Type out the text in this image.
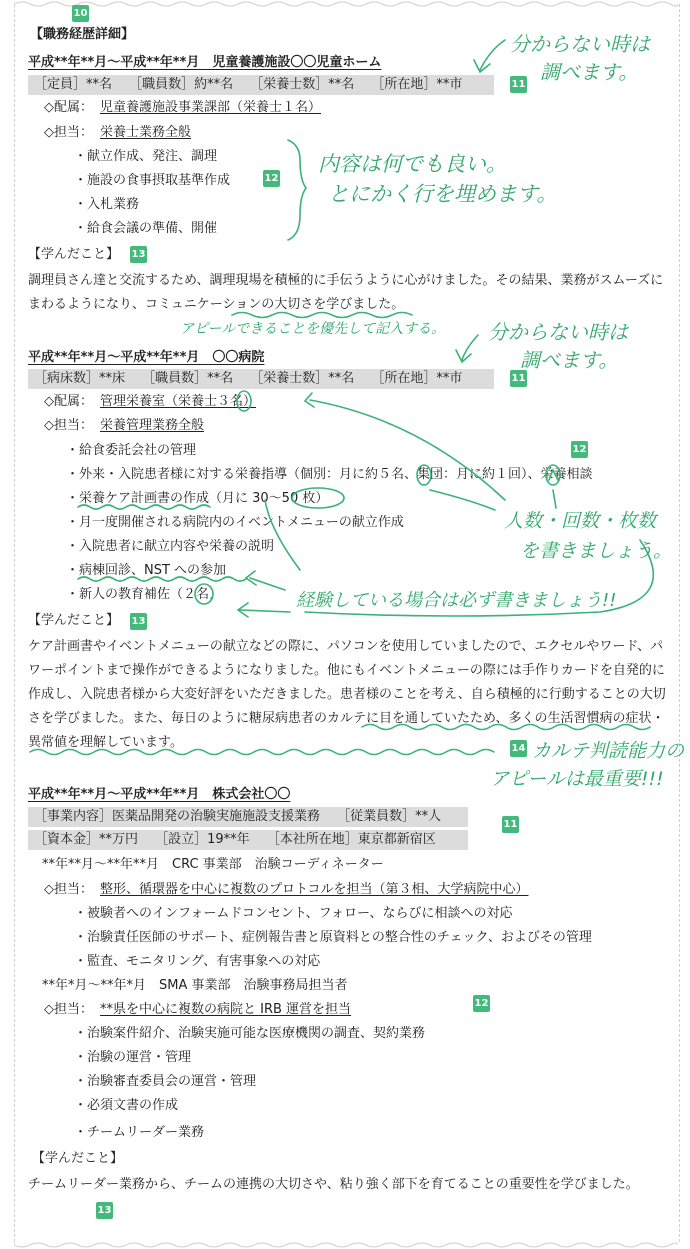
10
【職務経歴詳細】
平成**年**月～平成**年**月　児童養護施設〇〇児童ホーム
［定員］**名　 ［職員数］約**名　 ［栄養士数］**名　 ［所在地］**市	11
◇配属： 児童養護施設事業課部（栄養士１名）
◇担当： 栄養士業務全般
・献立作成、発注、調理
・施設の食事摂取基準作成
・入札業務
・給食会議の準備、開催
12
【学んだこと】 13
調理員さん達と交流するため、調理現場を積極的に手伝うように心がけました。その結果、業務がスムーズにまわるようになり、コミュニケーションの大切さを学びました。
平成**年**月～平成**年**月　〇〇病院
［病床数］**床　 ［職員数］**名　 ［栄養士数］**名　 ［所在地］**市	11
◇配属： 管理栄養室（栄養士３名）
◇担当： 栄養管理業務全般
12
・給食委託会社の管理
・外来・入院患者様に対する栄養指導（個別：月に約５名、集団：月に約１回）、栄養相談
・栄養ケア計画書の作成（月に 30～50 枚）
・月一度開催される病院内のイベントメニューの献立作成
・入院患者に献立内容や栄養の説明
・病棟回診、NST への参加
・新人の教育補佐（２名）
【学んだこと】 13
ケア計画書やイベントメニューの献立などの際に、パソコンを使用していましたので、エクセルやワード、パワーポイントまで操作ができるようになりました。他にもイベントメニューの際には手作りカードを自発的に作成し、入院患者様から大変好評をいただきました。患者様のことを考え、自ら積極的に行動することの大切さを学びました。また、毎日のように糖尿病患者のカルテに目を通していたため、多くの生活習慣病の症状・異常値を理解しています。	14
平成**年**月～平成**年**月　株式会社〇〇
［事業内容］医薬品開発の治験実施施設支援業務　 ［従業員数］**人
11
［資本金］**万円　 ［設立］19**年　 ［本社所在地］東京都新宿区
**年**月～**年**月　CRC 事業部　治験コーディネーター
◇担当： 整形、循環器を中心に複数のプロトコルを担当（第３相、大学病院中心）
・被験者へのインフォームドコンセント、フォロー、ならびに相談への対応
・治験責任医師のサポート、症例報告書と原資料との整合性のチェック、およびその管理
・監査、モニタリング、有害事象への対応
**年*月～**年*月　SMA 事業部　治験事務局担当者
◇担当： **県を中心に複数の病院と IRB 運営を担当	12
・治験案件紹介、治験実施可能な医療機関の調査、契約業務
・治験の運営・管理
・治験審査委員会の運営・管理
・必須文書の作成
・チームリーダー業務
【学んだこと】
チームリーダー業務から、チームの連携の大切さや、粘り強く部下を育てることの重要性を学びました。
13
分からない時は
調べます。
内容は何でも良い。
とにかく行を埋めます。
アピールできることを優先して記入する。 分からない時は
調べます。
人数・回数・枚数
を書きましょう。
経験している場合は必ず書きましょう!!
カルテ判読能力の
アピールは最重要!!!
